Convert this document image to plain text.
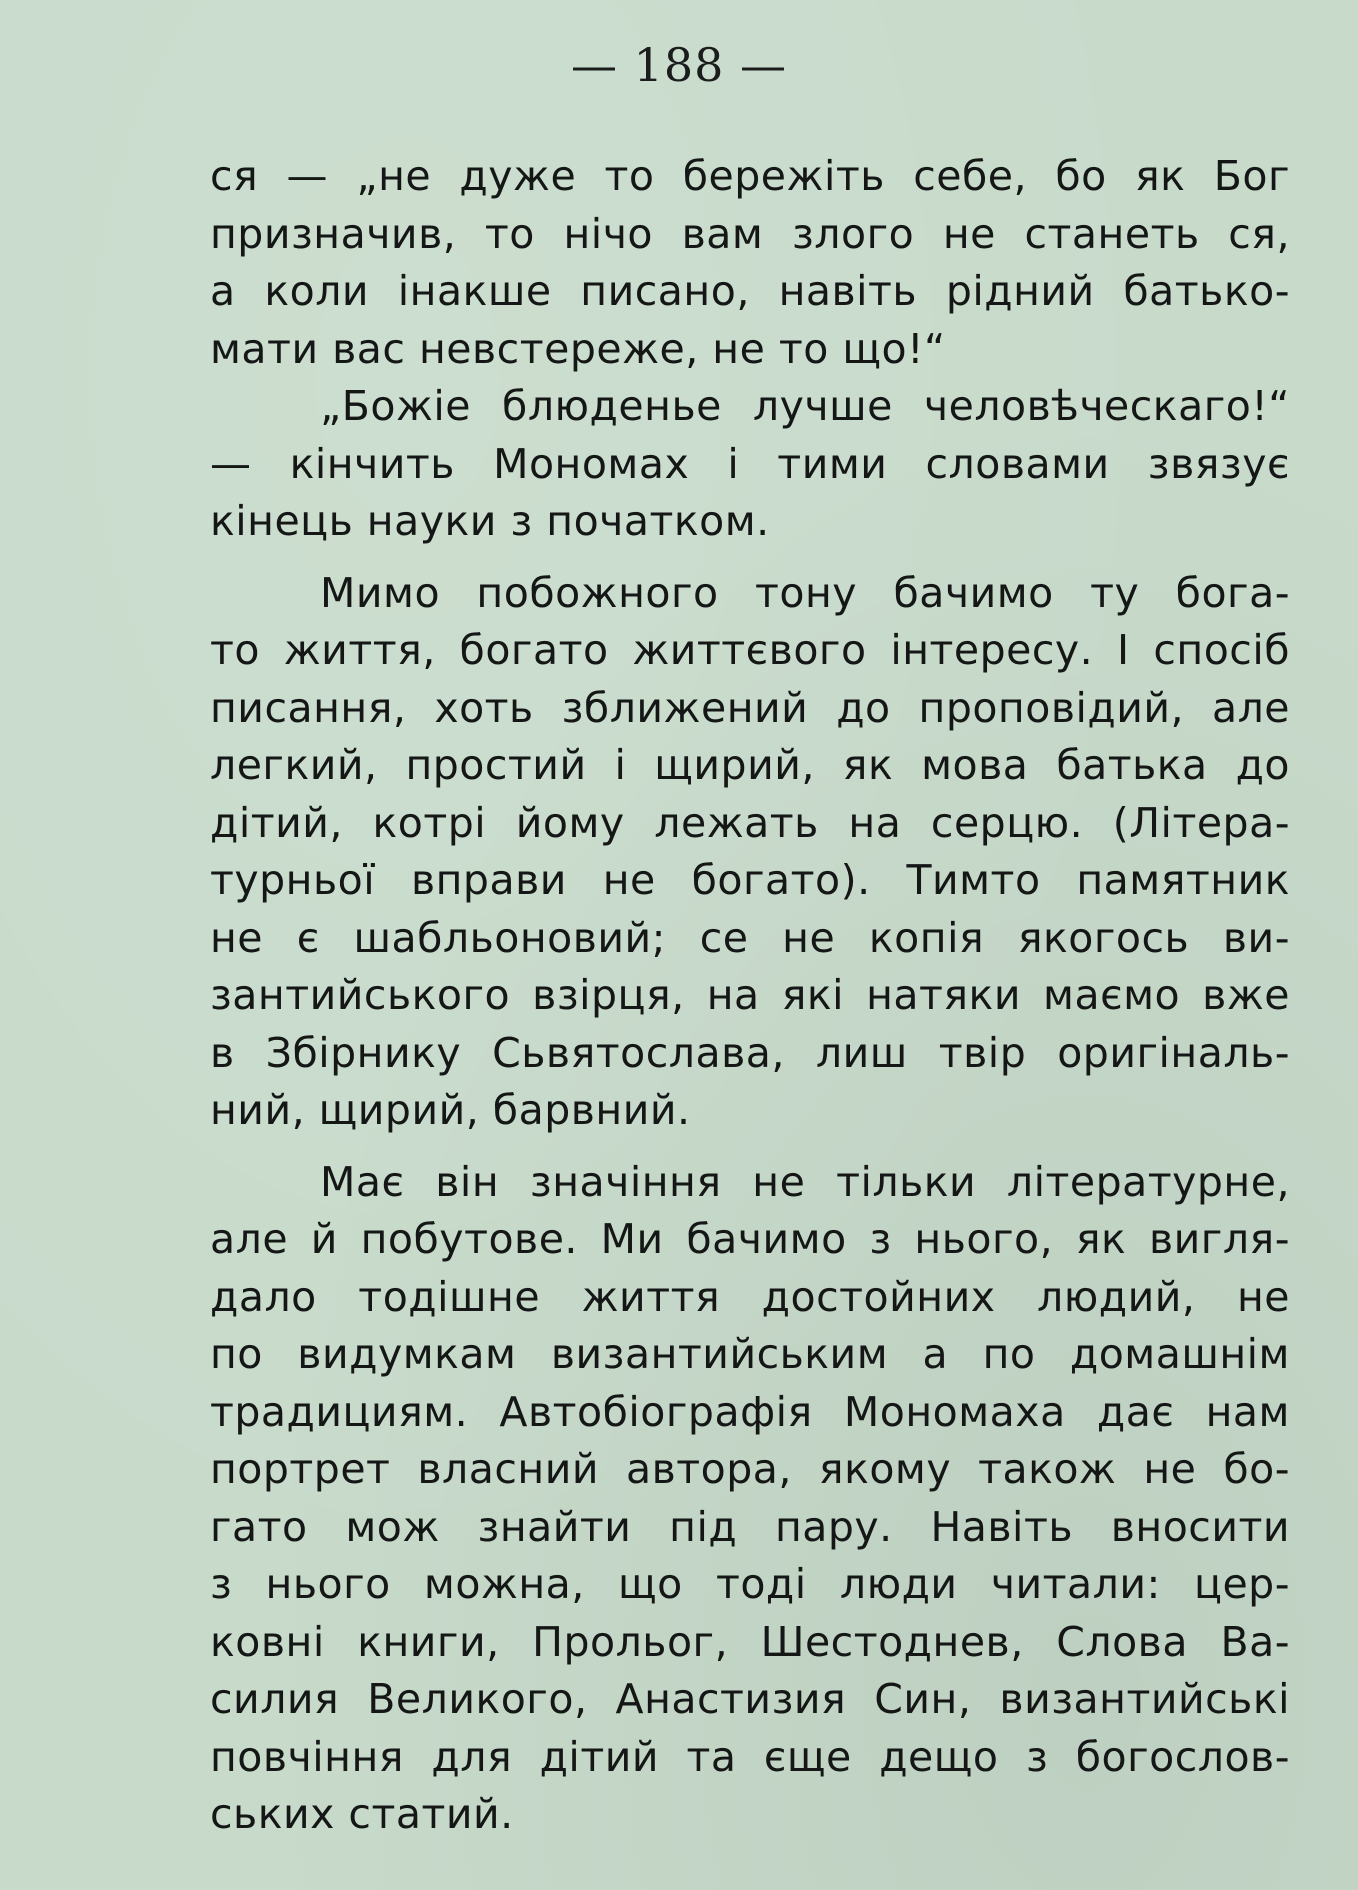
— 188 —
ся — „не дуже то бережіть себе, бо як Бог
призначив, то нічо вам злого не станеть ся,
а коли інакше писано, навіть рідний батько-
мати вас невстереже, не то що!“
„Божіе блюденье лучше человѣческаго!“
— кінчить Мономах і тими словами звязує
кінець науки з початком.
Мимо побожного тону бачимо ту бога-
то життя, богато життєвого інтересу. І спосіб
писання, хоть зближений до проповідий, але
легкий, простий і щирий, як мова батька до
дітий, котрі йому лежать на серцю. (Літера-
турньої вправи не богато). Тимто памятник
не є шабльоновий; се не копія якогось ви-
зантийського взірця, на які натяки маємо вже
в Збірнику Сьвятослава, лиш твір оригіналь-
ний, щирий, барвний.
Має він значіння не тільки літературне,
але й побутове. Ми бачимо з нього, як вигля-
дало тодішне життя достойних людий, не
по видумкам византийським а по домашнім
традициям. Автобіографія Мономаха дає нам
портрет власний автора, якому також не бо-
гато мож знайти під пару. Навіть вносити
з нього можна, що тоді люди читали: цер-
ковні книги, Прольог, Шестоднев, Слова Ва-
силия Великого, Анастизия Син, византийські
повчіння для дітий та єще дещо з богослов-
ських статий.
